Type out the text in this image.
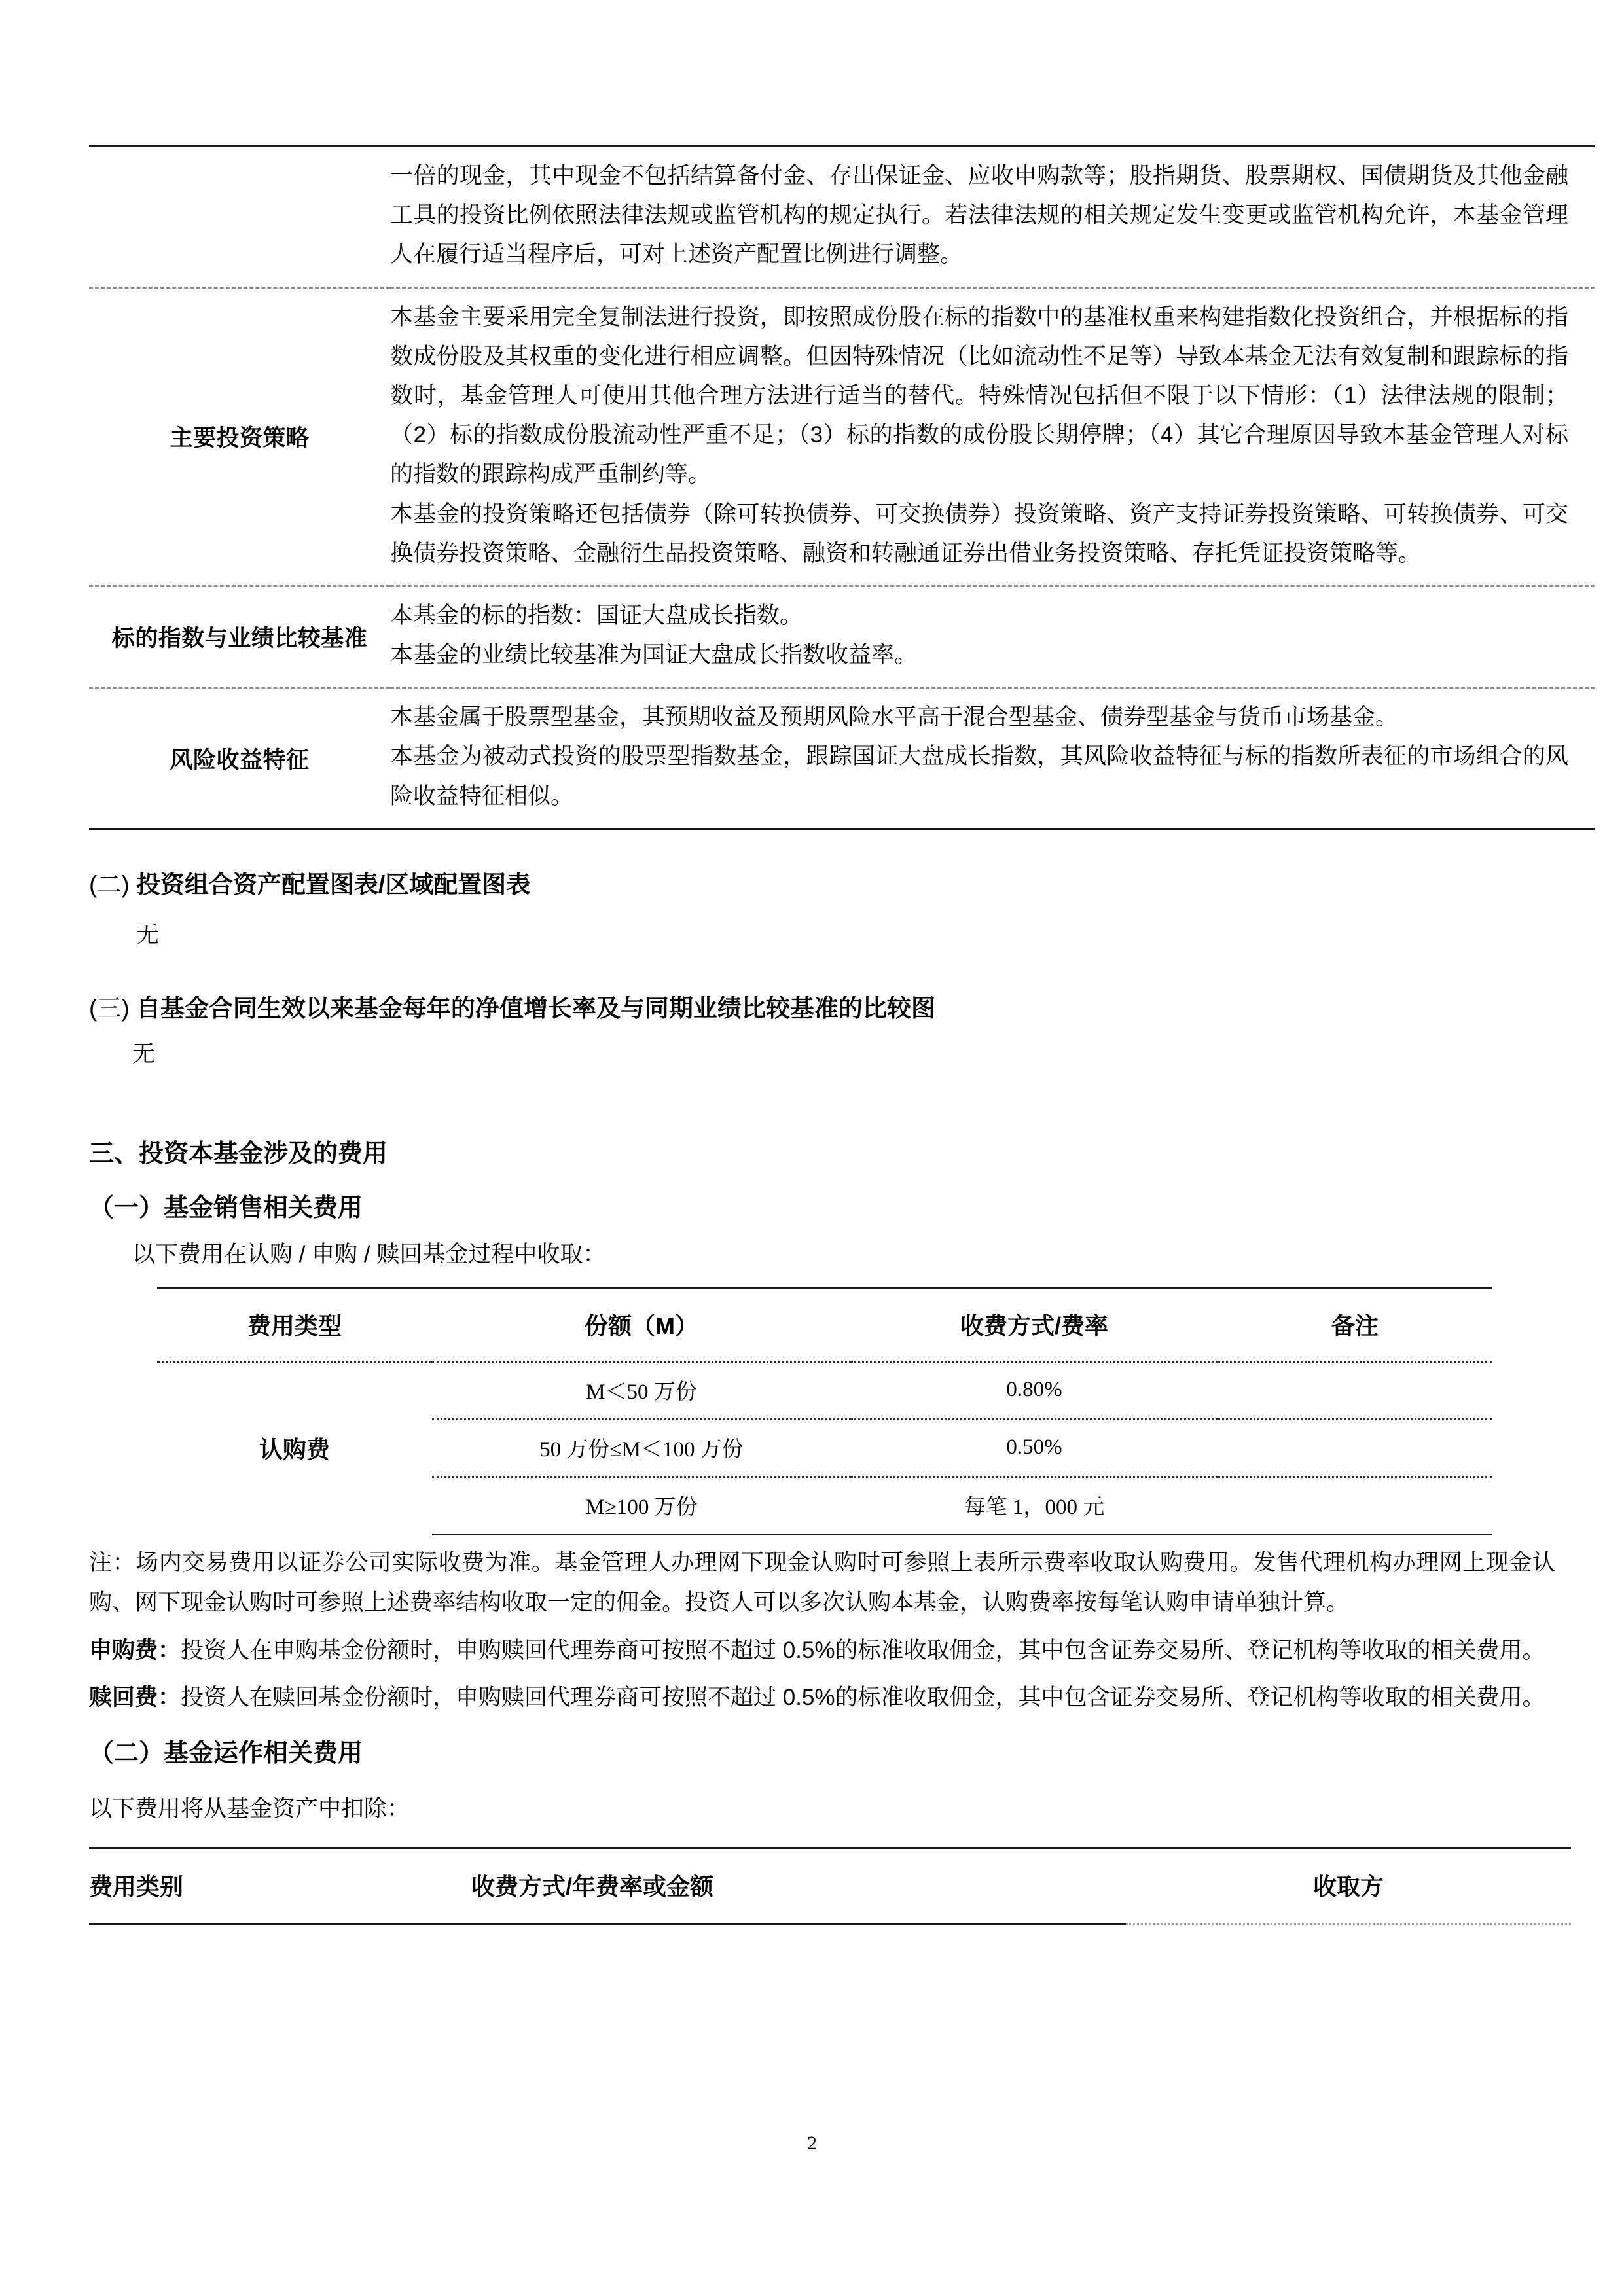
	一倍的现金，其中现金不包括结算备付金、存出保证金、应收申购款等；股指期货、股票期权、国债期货及其他金融工具的投资比例依照法律法规或监管机构的规定执行。若法律法规的相关规定发生变更或监管机构允许，本基金管理人在履行适当程序后，可对上述资产配置比例进行调整。

主要投资策略	本基金主要采用完全复制法进行投资，即按照成份股在标的指数中的基准权重来构建指数化投资组合，并根据标的指数成份股及其权重的变化进行相应调整。但因特殊情况（比如流动性不足等）导致本基金无法有效复制和跟踪标的指数时，基金管理人可使用其他合理方法进行适当的替代。特殊情况包括但不限于以下情形：（1）法律法规的限制；（2）标的指数成份股流动性严重不足；（3）标的指数的成份股长期停牌；（4）其它合理原因导致本基金管理人对标的指数的跟踪构成严重制约等。

本基金的投资策略还包括债券（除可转换债券、可交换债券）投资策略、资产支持证券投资策略、可转换债券、可交换债券投资策略、金融衍生品投资策略、融资和转融通证券出借业务投资策略、存托凭证投资策略等。

标的指数与业绩比较基准	本基金的标的指数：国证大盘成长指数。

本基金的业绩比较基准为国证大盘成长指数收益率。

风险收益特征	本基金属于股票型基金，其预期收益及预期风险水平高于混合型基金、债券型基金与货币市场基金。

本基金为被动式投资的股票型指数基金，跟踪国证大盘成长指数，其风险收益特征与标的指数所表征的市场组合的风险收益特征相似。

(二) 投资组合资产配置图表/区域配置图表
无
(三) 自基金合同生效以来基金每年的净值增长率及与同期业绩比较基准的比较图
无
三、投资本基金涉及的费用
（一）基金销售相关费用
以下费用在认购 / 申购 / 赎回基金过程中收取：
费用类型	份额（M）	收费方式/费率	备注
认购费	M＜50 万份	0.80%	
	50 万份≤M＜100 万份	0.50%	
	M≥100 万份	每笔 1，000 元	
注：场内交易费用以证券公司实际收费为准。基金管理人办理网下现金认购时可参照上表所示费率收取认购费用。发售代理机构办理网上现金认购、网下现金认购时可参照上述费率结构收取一定的佣金。投资人可以多次认购本基金，认购费率按每笔认购申请单独计算。
申购费：投资人在申购基金份额时，申购赎回代理券商可按照不超过 0.5%的标准收取佣金，其中包含证券交易所、登记机构等收取的相关费用。
赎回费：投资人在赎回基金份额时，申购赎回代理券商可按照不超过 0.5%的标准收取佣金，其中包含证券交易所、登记机构等收取的相关费用。
（二）基金运作相关费用
以下费用将从基金资产中扣除：
费用类别	收费方式/年费率或金额	收取方
2
